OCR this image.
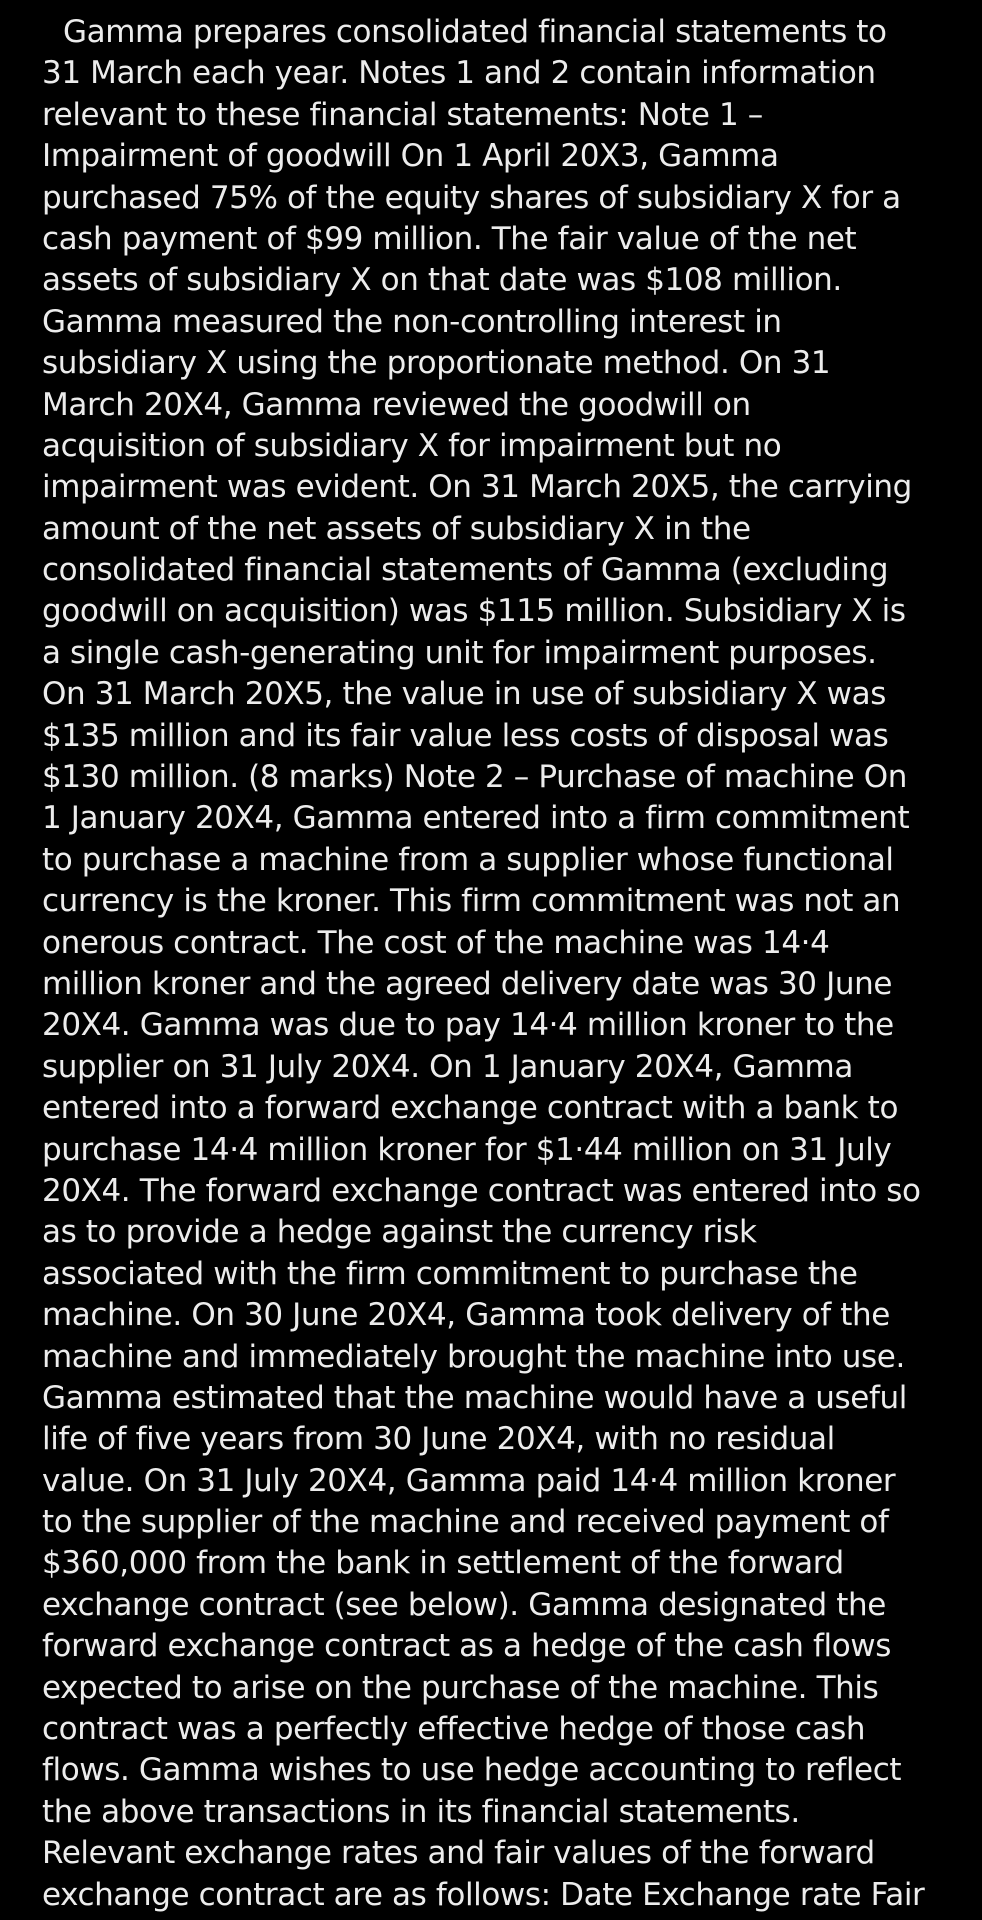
Gamma prepares consolidated financial statements to
31 March each year. Notes 1 and 2 contain information
relevant to these financial statements: Note 1 –
Impairment of goodwill On 1 April 20X3, Gamma
purchased 75% of the equity shares of subsidiary X for a
cash payment of $99 million. The fair value of the net
assets of subsidiary X on that date was $108 million.
Gamma measured the non-controlling interest in
subsidiary X using the proportionate method. On 31
March 20X4, Gamma reviewed the goodwill on
acquisition of subsidiary X for impairment but no
impairment was evident. On 31 March 20X5, the carrying
amount of the net assets of subsidiary X in the
consolidated financial statements of Gamma (excluding
goodwill on acquisition) was $115 million. Subsidiary X is
a single cash-generating unit for impairment purposes.
On 31 March 20X5, the value in use of subsidiary X was
$135 million and its fair value less costs of disposal was
$130 million. (8 marks) Note 2 – Purchase of machine On
1 January 20X4, Gamma entered into a firm commitment
to purchase a machine from a supplier whose functional
currency is the kroner. This firm commitment was not an
onerous contract. The cost of the machine was 14·4
million kroner and the agreed delivery date was 30 June
20X4. Gamma was due to pay 14·4 million kroner to the
supplier on 31 July 20X4. On 1 January 20X4, Gamma
entered into a forward exchange contract with a bank to
purchase 14·4 million kroner for $1·44 million on 31 July
20X4. The forward exchange contract was entered into so
as to provide a hedge against the currency risk
associated with the firm commitment to purchase the
machine. On 30 June 20X4, Gamma took delivery of the
machine and immediately brought the machine into use.
Gamma estimated that the machine would have a useful
life of five years from 30 June 20X4, with no residual
value. On 31 July 20X4, Gamma paid 14·4 million kroner
to the supplier of the machine and received payment of
$360,000 from the bank in settlement of the forward
exchange contract (see below). Gamma designated the
forward exchange contract as a hedge of the cash flows
expected to arise on the purchase of the machine. This
contract was a perfectly effective hedge of those cash
flows. Gamma wishes to use hedge accounting to reflect
the above transactions in its financial statements.
Relevant exchange rates and fair values of the forward
exchange contract are as follows: Date Exchange rate Fair
